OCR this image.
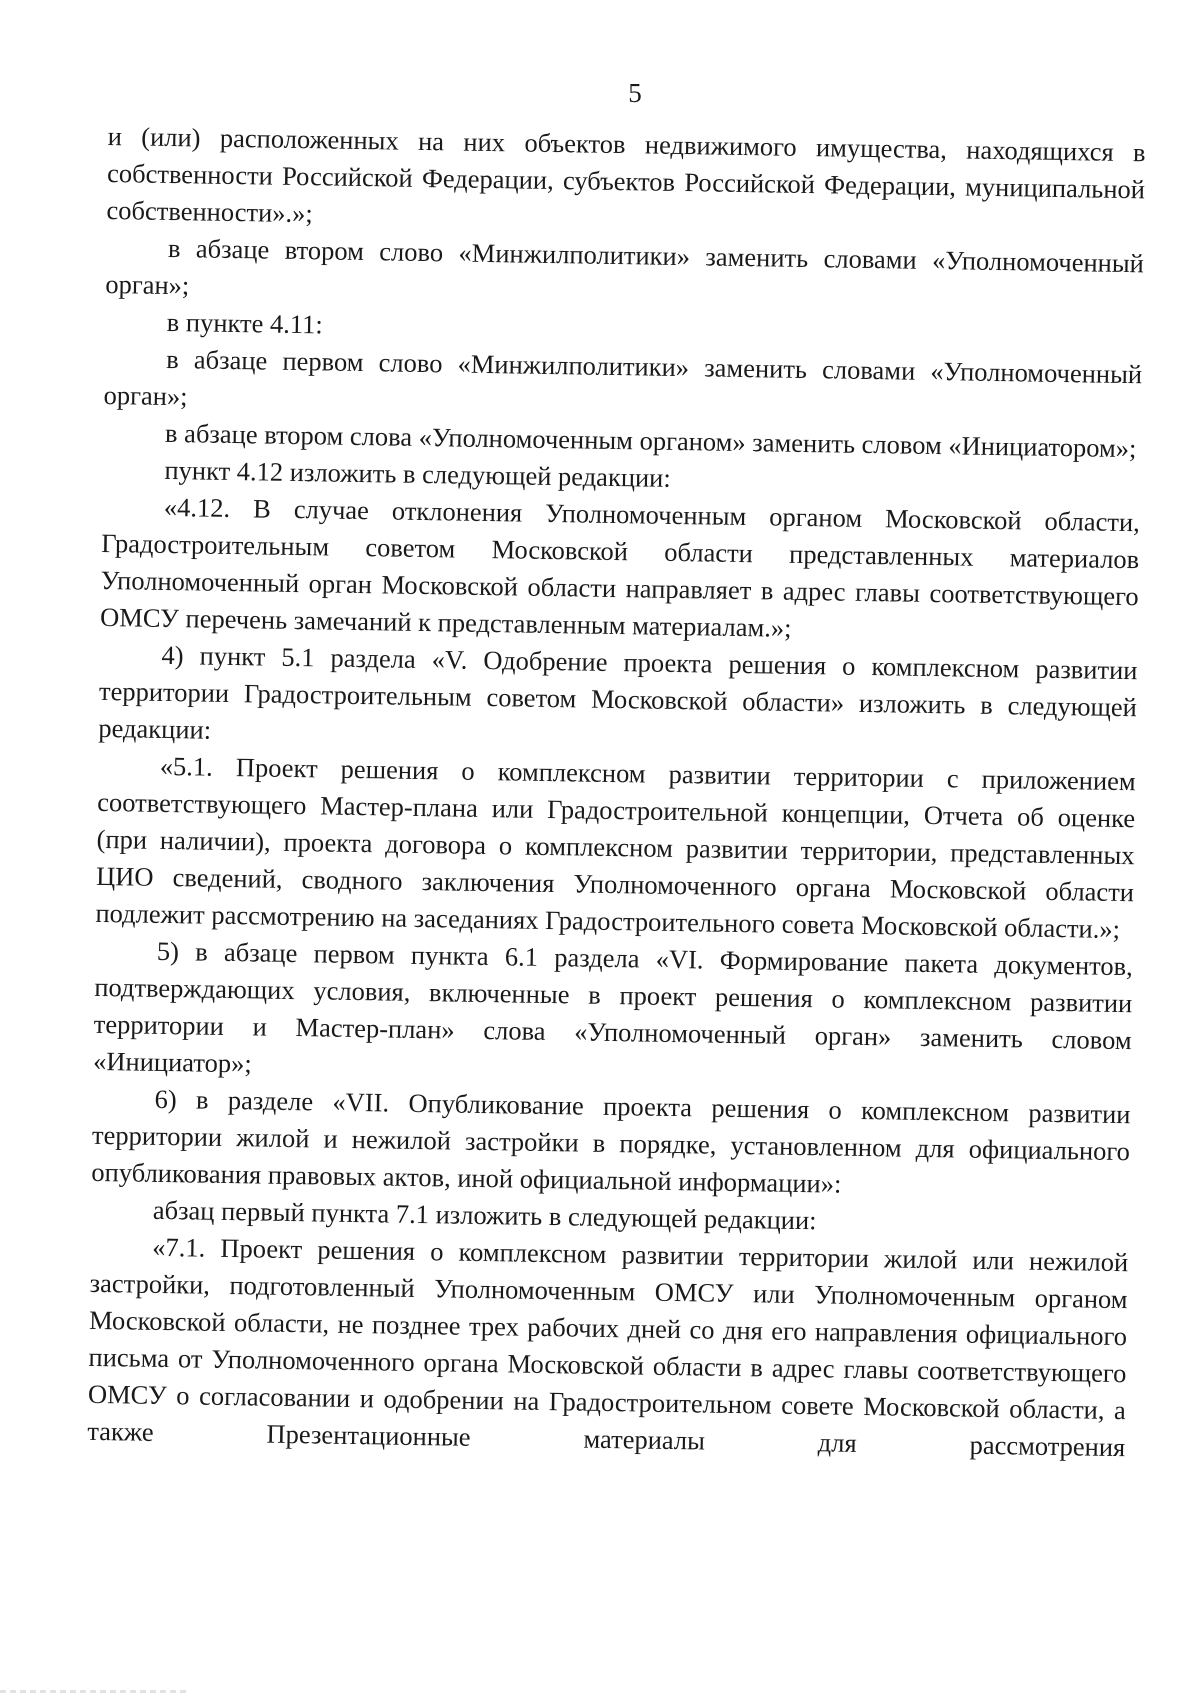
5

и (или) расположенных на них объектов недвижимого имущества, находящихся в собственности Российской Федерации, субъектов Российской Федерации, муниципальной собственности».»;

в абзаце втором слово «Минжилполитики» заменить словами «Уполномоченный орган»;

в пункте 4.11:

в абзаце первом слово «Минжилполитики» заменить словами «Уполномоченный орган»;

в абзаце втором слова «Уполномоченным органом» заменить словом «Инициатором»;

пункт 4.12 изложить в следующей редакции:

«4.12. В случае отклонения Уполномоченным органом Московской области, Градостроительным советом Московской области представленных материалов Уполномоченный орган Московской области направляет в адрес главы соответствующего ОМСУ перечень замечаний к представленным материалам.»;

4) пункт 5.1 раздела «V. Одобрение проекта решения о комплексном развитии территории Градостроительным советом Московской области» изложить в следующей редакции:

«5.1. Проект решения о комплексном развитии территории с приложением соответствующего Мастер-плана или Градостроительной концепции, Отчета об оценке (при наличии), проекта договора о комплексном развитии территории, представленных ЦИО сведений, сводного заключения Уполномоченного органа Московской области подлежит рассмотрению на заседаниях Градостроительного совета Московской области.»;

5) в абзаце первом пункта 6.1 раздела «VI. Формирование пакета документов, подтверждающих условия, включенные в проект решения о комплексном развитии территории и Мастер-план» слова «Уполномоченный орган» заменить словом «Инициатор»;

6) в разделе «VII. Опубликование проекта решения о комплексном развитии территории жилой и нежилой застройки в порядке, установленном для официального опубликования правовых актов, иной официальной информации»:

абзац первый пункта 7.1 изложить в следующей редакции:

«7.1. Проект решения о комплексном развитии территории жилой или нежилой застройки, подготовленный Уполномоченным ОМСУ или Уполномоченным органом Московской области, не позднее трех рабочих дней со дня его направления официального письма от Уполномоченного органа Московской области в адрес главы соответствующего ОМСУ о согласовании и одобрении на Градостроительном совете Московской области, а также Презентационные материалы для рассмотрения
